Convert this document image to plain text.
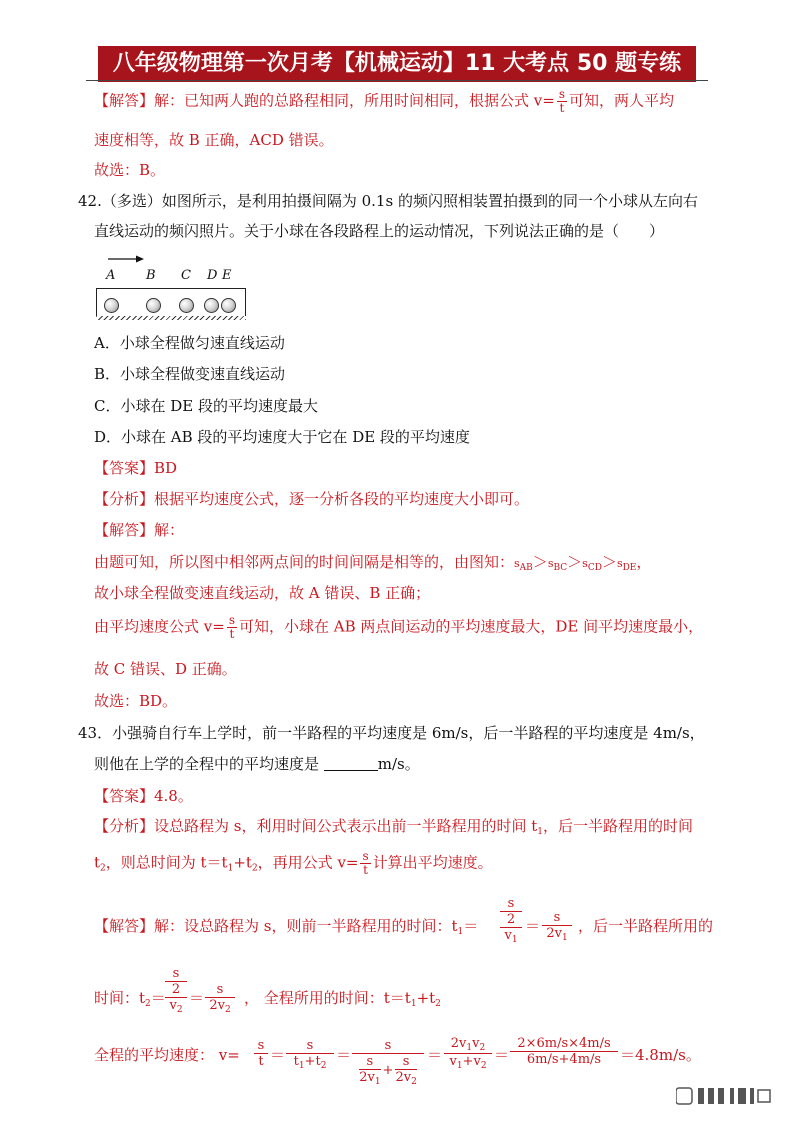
八年级物理第一次月考【机械运动】11 大考点 50 题专练
【解答】解：已知两人跑的总路程相同，所用时间相同，根据公式 $v= \frac{s}{t}$ 可知，两人平均
速度相等，故 B 正确，ACD 错误。
故选：B。
42.（多选）如图所示，是利用拍摄间隔为 0.1s 的频闪照相装置拍摄到的同一个小球从左向右
直线运动的频闪照片。关于小球在各段路程上的运动情况，下列说法正确的是（　　）
A B C D E
A．小球全程做匀速直线运动
B．小球全程做变速直线运动
C．小球在 DE 段的平均速度最大
D．小球在 AB 段的平均速度大于它在 DE 段的平均速度
【答案】BD
【分析】根据平均速度公式，逐一分析各段的平均速度大小即可。
【解答】解：
由题可知，所以图中相邻两点间的时间间隔是相等的，由图知：$s_{AB}>s_{BC}>s_{CD}>s_{DE}$，
故小球全程做变速直线运动，故 A 错误、B 正确；
由平均速度公式 $v= \frac{s}{t}$ 可知，小球在 AB 两点间运动的平均速度最大，DE 间平均速度最小，
故 C 错误、D 正确。
故选：BD。
43．小强骑自行车上学时，前一半路程的平均速度是 6m/s，后一半路程的平均速度是 4m/s，
则他在上学的全程中的平均速度是	m/s。
【答案】4.8。
【分析】设总路程为 s，利用时间公式表示出前一半路程用的时间 $t_1$，后一半路程用的时间
$t_2$，则总时间为 $t=t_1+t_2$，再用公式 $v= \frac{s}{t}$ 计算出平均速度。
【解答】解：设总路程为 s，则前一半路程用的时间：$t_1=$
s
2
$v_1$
＝ s
$2v_1$
，后一半路程所用的
时间：$t_2=$
s
2
$v_2$
＝ s
$2v_2$
， 全程所用的时间：$t=t_1+t_2$
全程的平均速度： v=
s
t ＝
s
$t_1+t_2$
＝
s
s
$2v_1$
+
s
$2v_2$
＝
$2v_1v_2$
$v_1+v_2$
＝
2×6m/s×4m/s
6m/s+4m/s ＝4.8m/s。
